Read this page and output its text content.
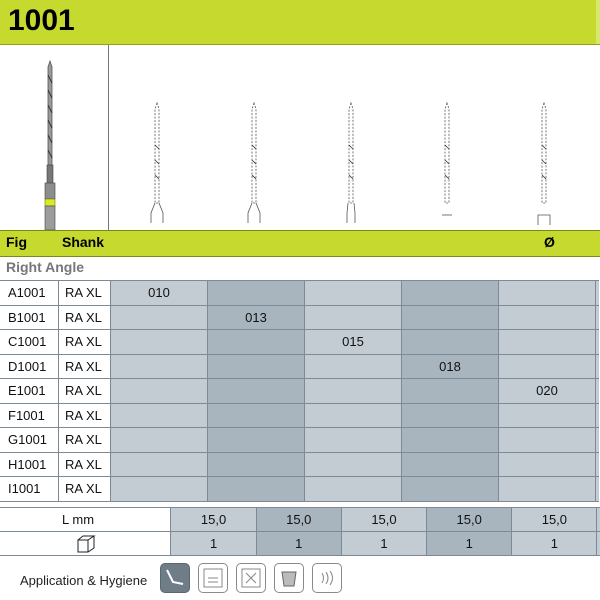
1001
Fig	Shank	Ø
Right Angle
A1001	RA XL	010					
B1001	RA XL		013				
C1001	RA XL			015			
D1001	RA XL				018		
E1001	RA XL					020	
F1001	RA XL						
G1001	RA XL						
H1001	RA XL						
I1001	RA XL						
L mm	15,0	15,0	15,0	15,0	15,0	
	1	1	1	1	1	
Application & Hygiene
